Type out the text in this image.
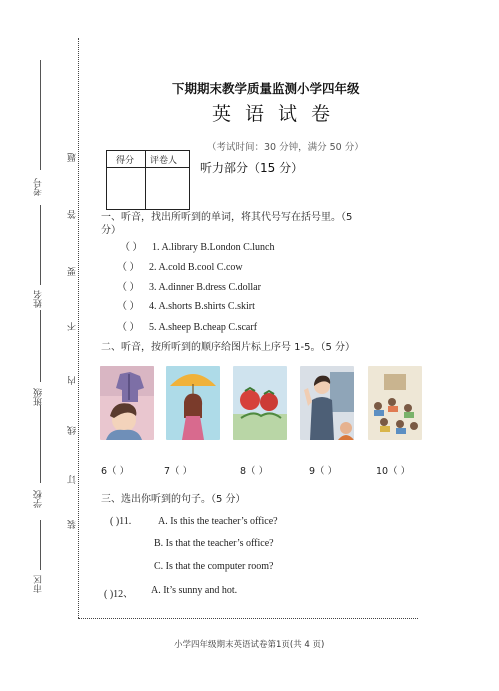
考号
姓名
班级
学校
市区
题
答
要
不
内
线
订
装
下期期末教学质量监测小学四年级
英语试卷
（考试时间：30 分钟，满分 50 分）
得分 评卷人 听力部分（15 分）
一、听音，找出所听到的单词，将其代号写在括号里。（5
分）
（ ） 1. A.library B.London C.lunch
（ ） 2. A.cold B.cool C.cow
（ ） 3. A.dinner B.dress C.dollar
（ ） 4. A.shorts B.shirts C.skirt
（ ） 5. A.sheep B.cheap C.scarf
二、听音，按所听到的顺序给图片标上序号 1-5。（5 分）
6（ ）	7（ ）	8（ ）	9（ ）	10（ ）
三、选出你听到的句子。（5 分）
( )11.	A. Is this the teacher’s office?
B. Is that the teacher’s office?
C. Is that the computer room?
( )12、 A. It’s sunny and hot.
小学四年级期末英语试卷第1页(共 4 页)
